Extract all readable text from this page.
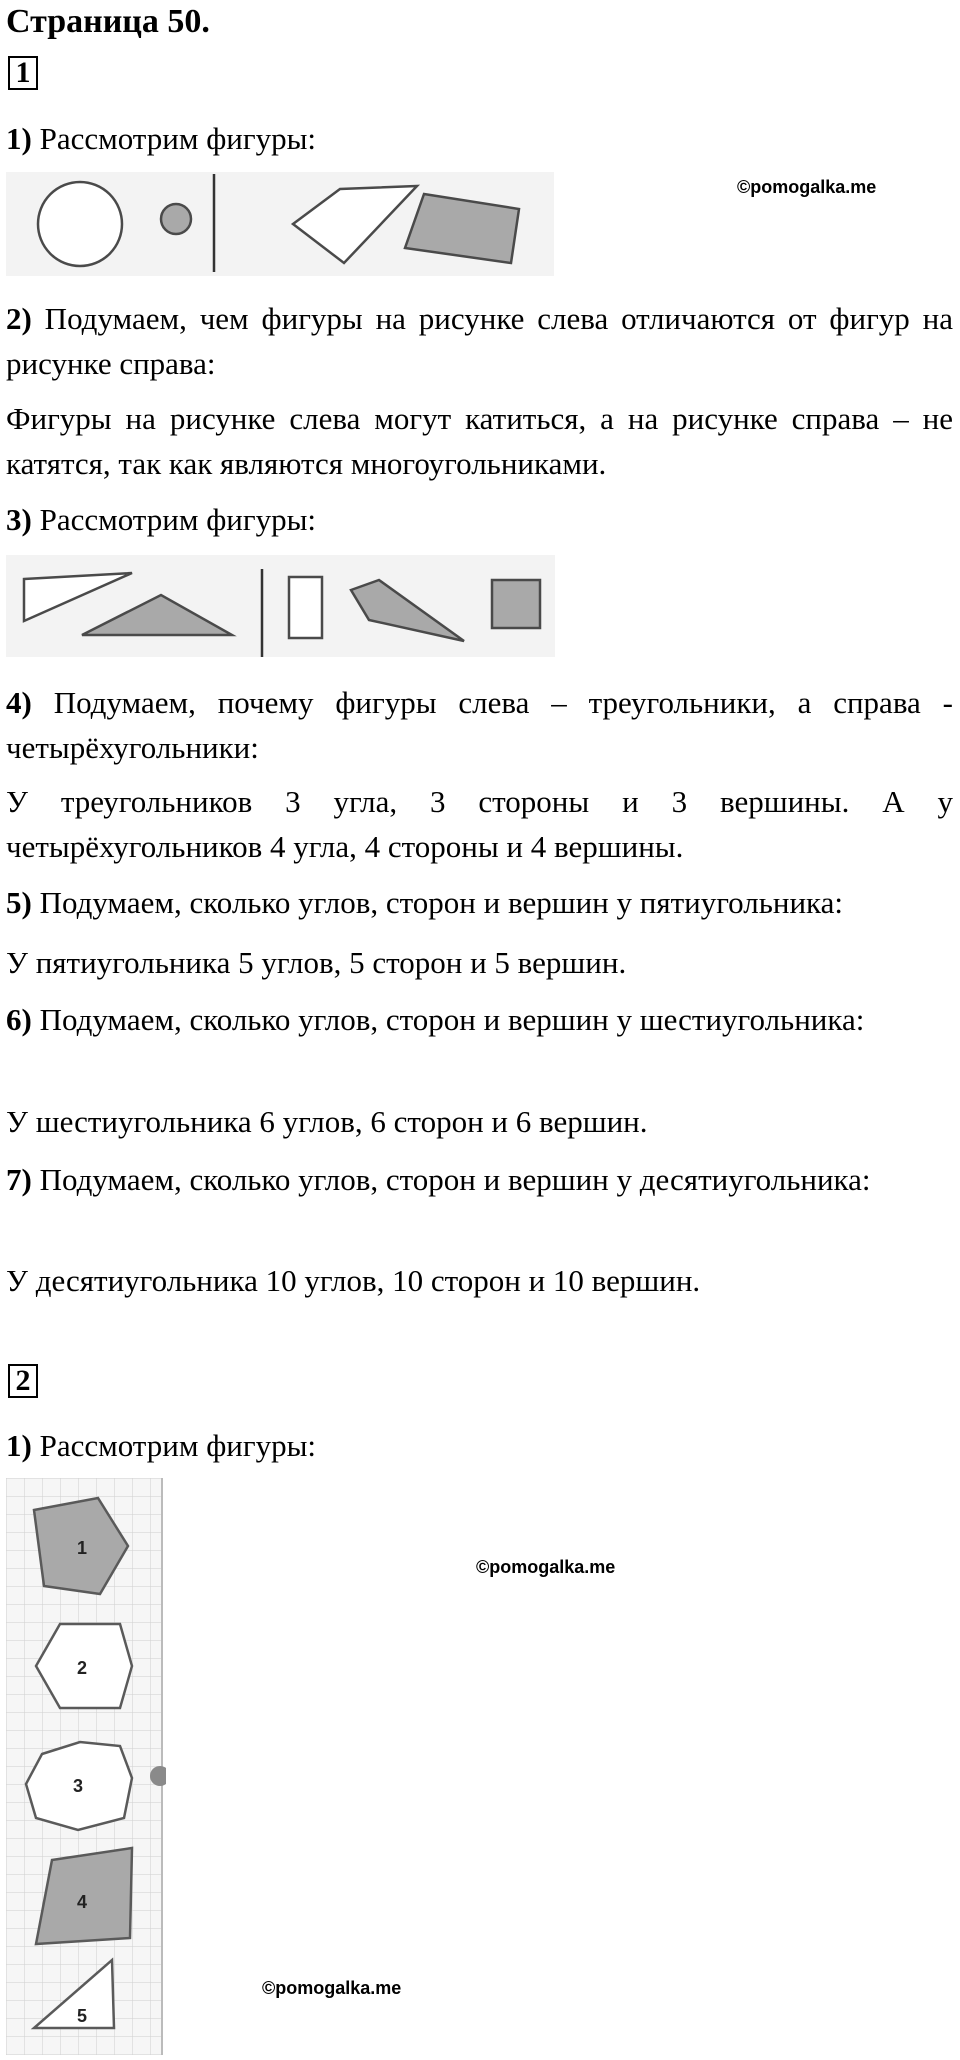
Страница 50.
1
1) Рассмотрим фигуры:
©pomogalka.me
2) Подумаем, чем фигуры на рисунке слева отличаются от фигур на рисунке справа:
Фигуры на рисунке слева могут катиться, а на рисунке справа – не катятся, так как являются многоугольниками.
3) Рассмотрим фигуры:
4) Подумаем, почему фигуры слева – треугольники, а справа - четырёхугольники:
У треугольников 3 угла, 3 стороны и 3 вершины. А у четырёхугольников 4 угла, 4 стороны и 4 вершины.
5) Подумаем, сколько углов, сторон и вершин у пятиугольника:
У пятиугольника 5 углов, 5 сторон и 5 вершин.
6) Подумаем, сколько углов, сторон и вершин у шестиугольника:
У шестиугольника 6 углов, 6 сторон и 6 вершин.
7) Подумаем, сколько углов, сторон и вершин у десятиугольника:
У десятиугольника 10 углов, 10 сторон и 10 вершин.
2
1) Рассмотрим фигуры:
1
2
3
4
5
©pomogalka.me
©pomogalka.me
